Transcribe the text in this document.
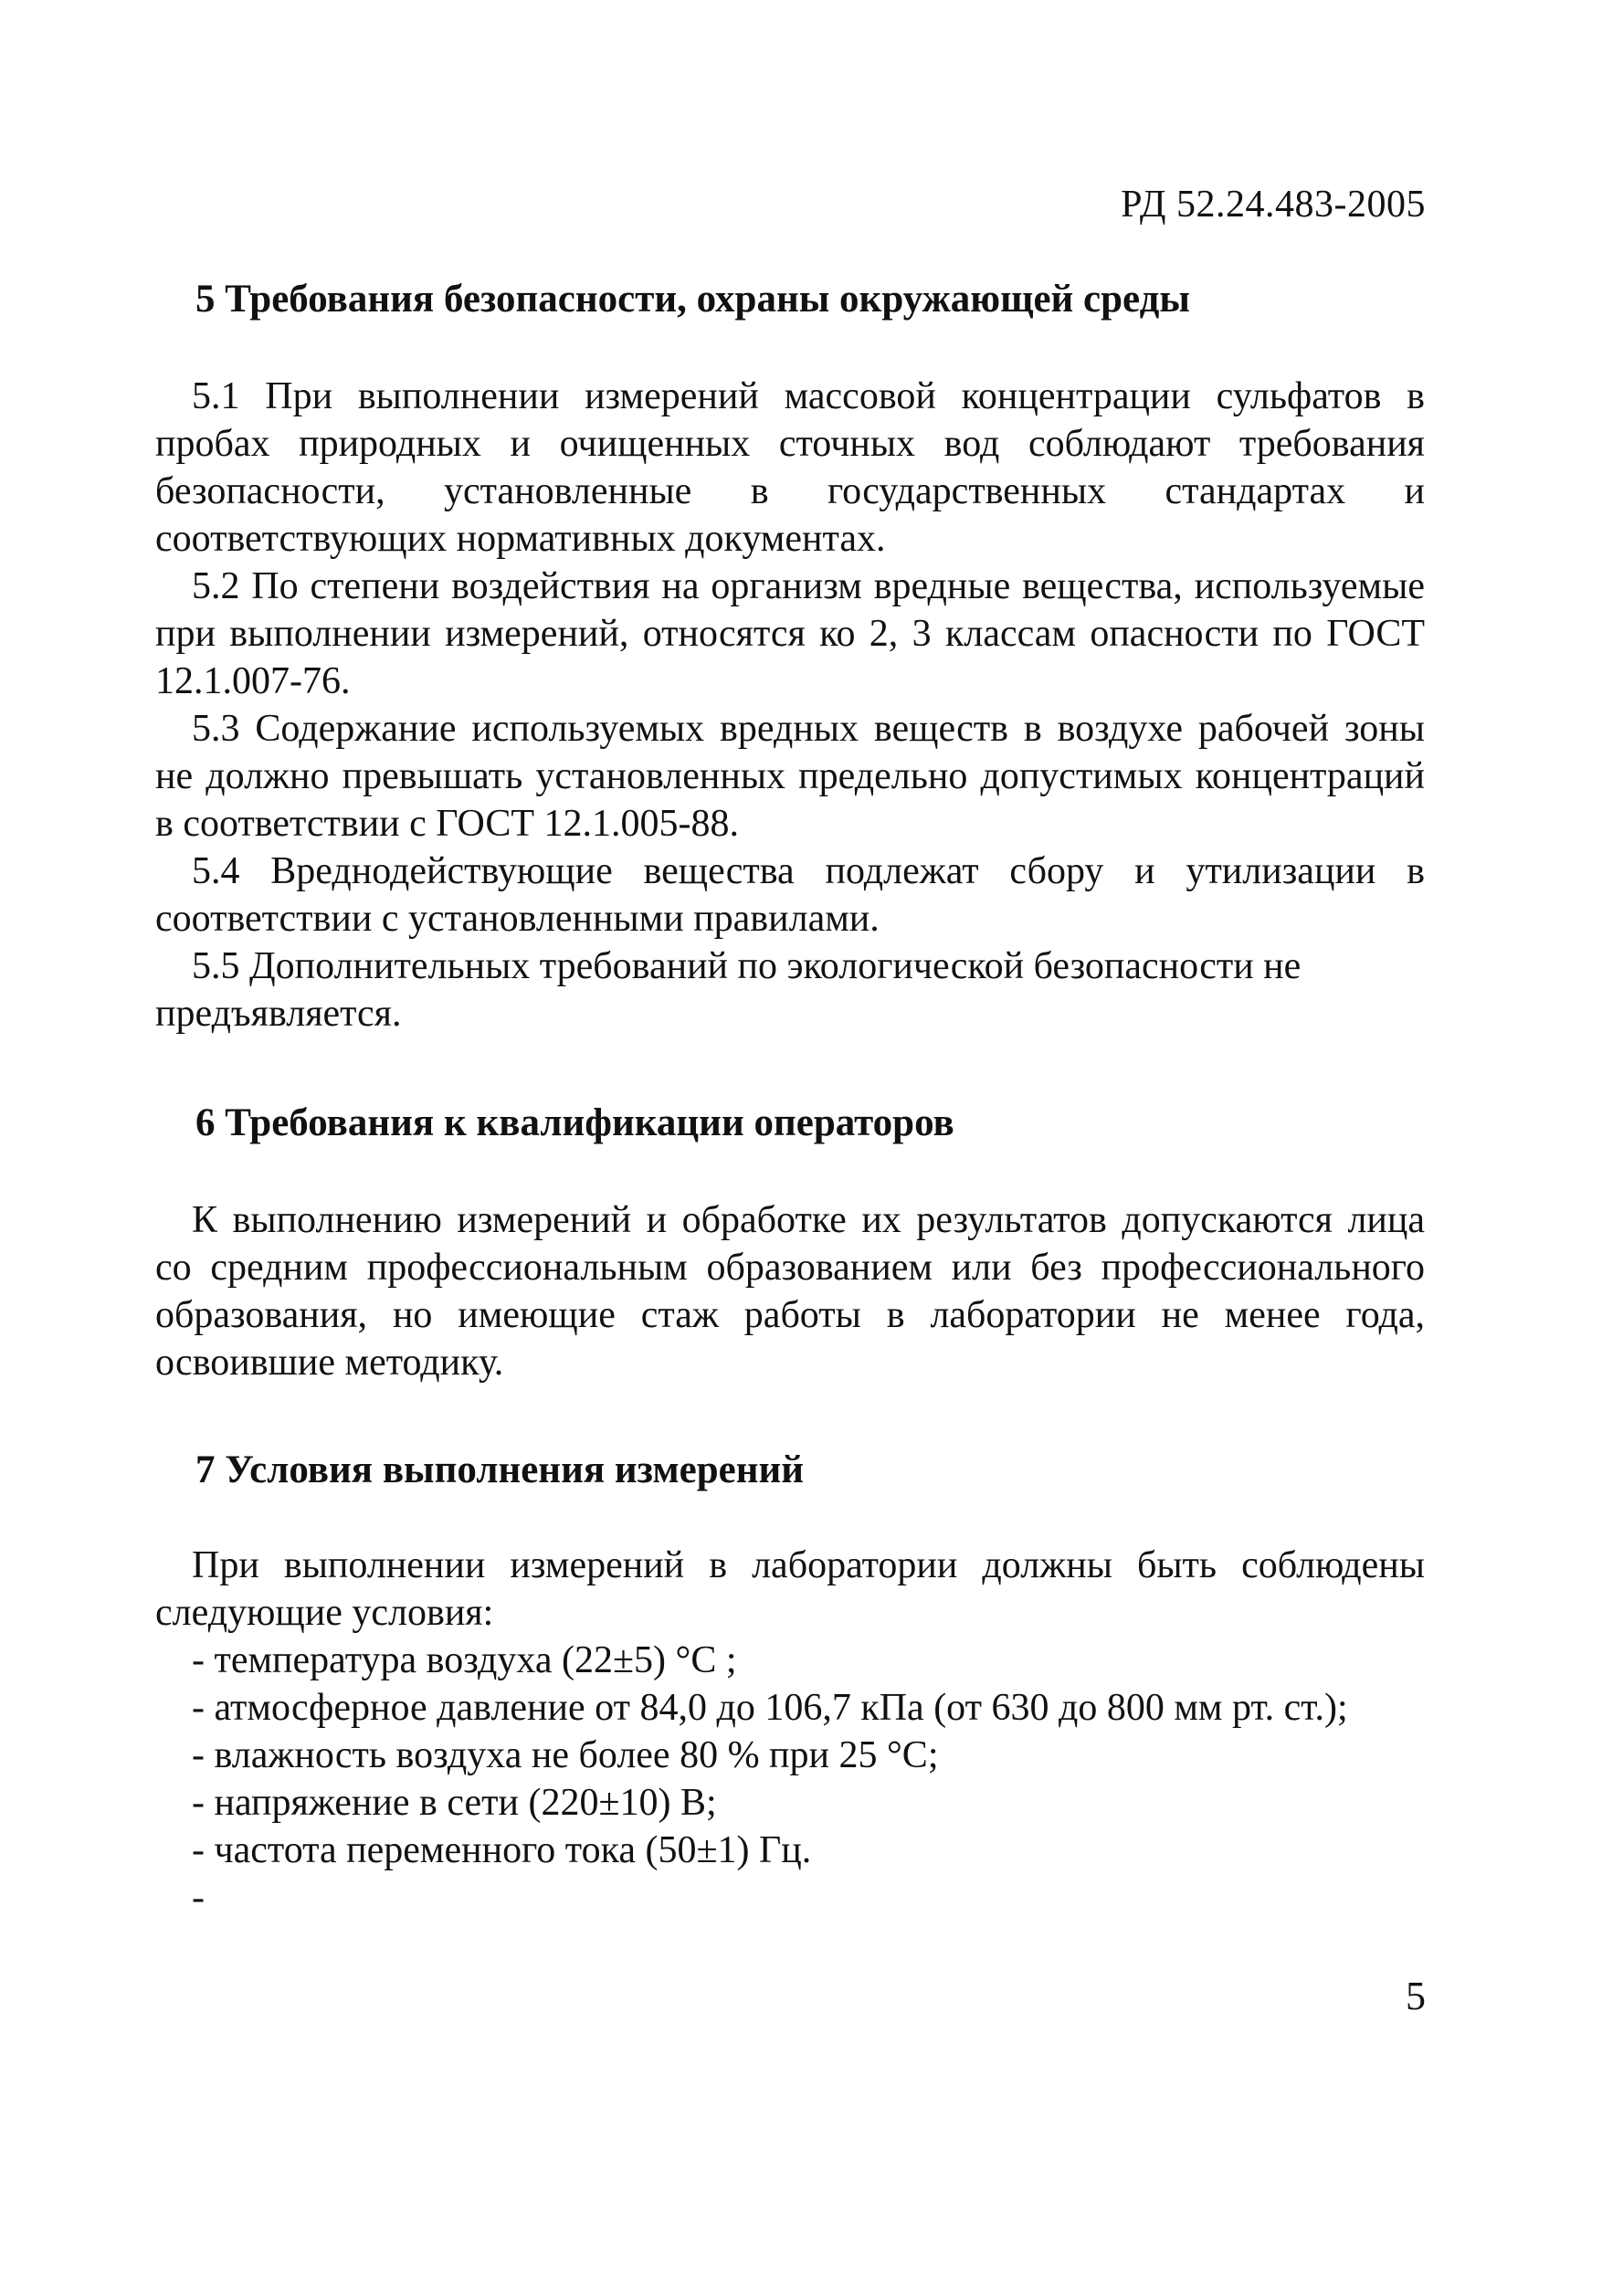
РД 52.24.483-2005
5 Требования безопасности, охраны окружающей среды

5.1 При выполнении измерений массовой концентрации сульфатов в пробах природных и очищенных сточных вод соблюдают требования безопасности, установленные в государственных стандартах и соответствующих нормативных документах.

5.2 По степени воздействия на организм вредные вещества, используемые при выполнении измерений, относятся ко 2, 3 классам опасности по ГОСТ 12.1.007-76.

5.3 Содержание используемых вредных веществ в воздухе рабочей зоны не должно превышать установленных предельно допустимых концентраций в соответствии с ГОСТ 12.1.005-88.

5.4 Вреднодействующие вещества подлежат сбору и утилизации в соответствии с установленными правилами.

5.5 Дополнительных требований по экологической безопасности не предъявляется.

6 Требования к квалификации операторов

К выполнению измерений и обработке их результатов допускаются лица со средним профессиональным образованием или без профессионального образования, но имеющие стаж работы в лаборатории не менее года, освоившие методику.

7 Условия выполнения измерений

При выполнении измерений в лаборатории должны быть соблюдены следующие условия:

- температура воздуха (22±5) °С ;
- атмосферное давление от 84,0 до 106,7 кПа (от 630 до 800 мм рт. ст.);
- влажность воздуха не более 80 % при 25 °С;
- напряжение в сети (220±10) В;
- частота переменного тока (50±1) Гц.
-
5
